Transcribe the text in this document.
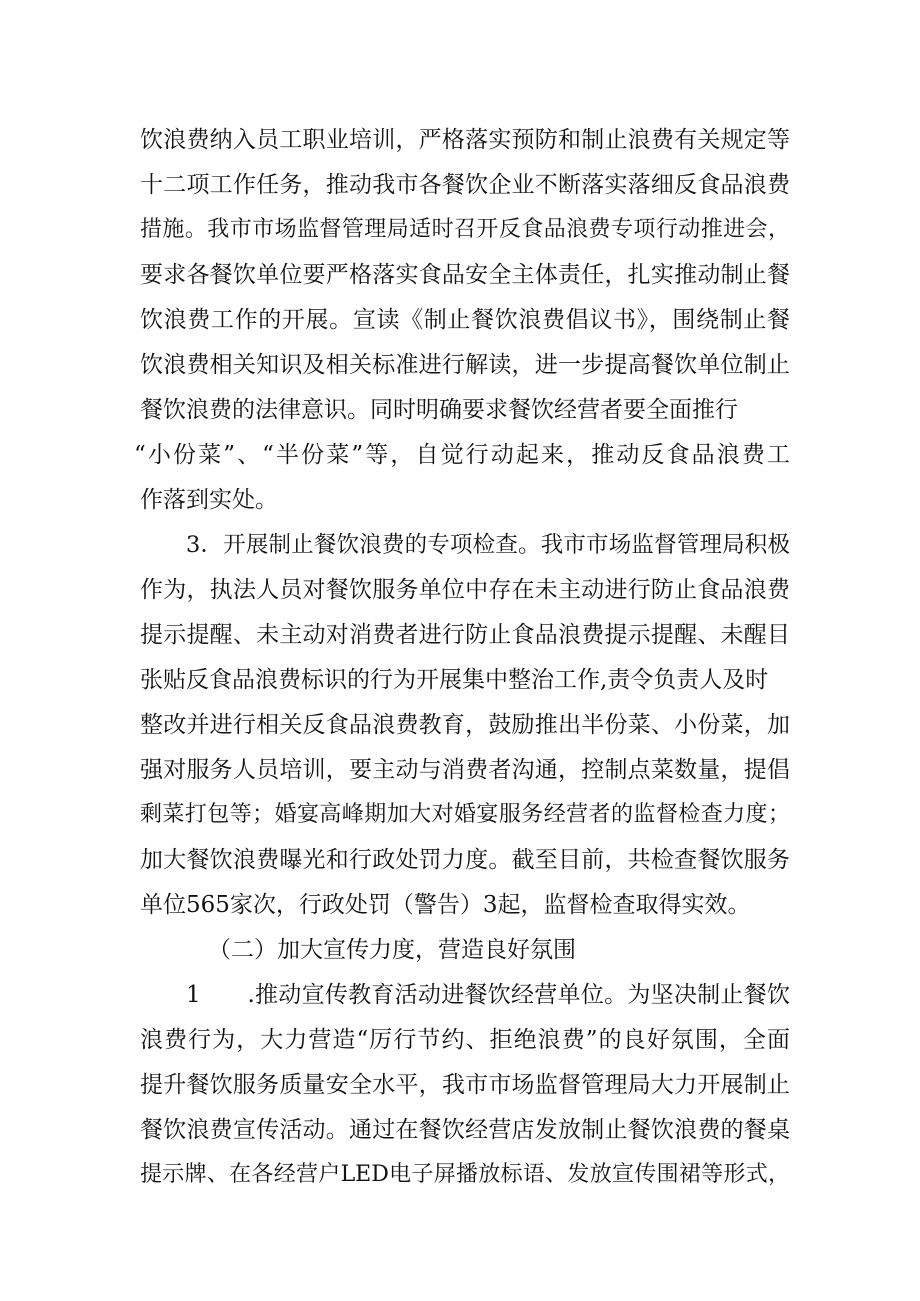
饮浪费纳入员工职业培训，严格落实预防和制止浪费有关规定等
十二项工作任务，推动我市各餐饮企业不断落实落细反食品浪费
措施。我市市场监督管理局适时召开反食品浪费专项行动推进会，
要求各餐饮单位要严格落实食品安全主体责任，扎实推动制止餐
饮浪费工作的开展。宣读《制止餐饮浪费倡议书》，围绕制止餐
饮浪费相关知识及相关标准进行解读，进一步提高餐饮单位制止
餐饮浪费的法律意识。同时明确要求餐饮经营者要全面推行
“小份菜”、“半份菜”等，自觉行动起来，推动反食品浪费工
作落到实处。
3．开展制止餐饮浪费的专项检查。我市市场监督管理局积极
作为，执法人员对餐饮服务单位中存在未主动进行防止食品浪费
提示提醒、未主动对消费者进行防止食品浪费提示提醒、未醒目
张贴反食品浪费标识的行为开展集中整治工作,责令负责人及时
整改并进行相关反食品浪费教育，鼓励推出半份菜、小份菜，加
强对服务人员培训，要主动与消费者沟通，控制点菜数量，提倡
剩菜打包等；婚宴高峰期加大对婚宴服务经营者的监督检查力度；
加大餐饮浪费曝光和行政处罚力度。截至目前，共检查餐饮服务
单位565家次，行政处罚（警告）3起，监督检查取得实效。
（二）加大宣传力度，营造良好氛围
1　　.推动宣传教育活动进餐饮经营单位。为坚决制止餐饮
浪费行为，大力营造“厉行节约、拒绝浪费”的良好氛围，全面
提升餐饮服务质量安全水平，我市市场监督管理局大力开展制止
餐饮浪费宣传活动。通过在餐饮经营店发放制止餐饮浪费的餐桌
提示牌、在各经营户LED电子屏播放标语、发放宣传围裙等形式，
